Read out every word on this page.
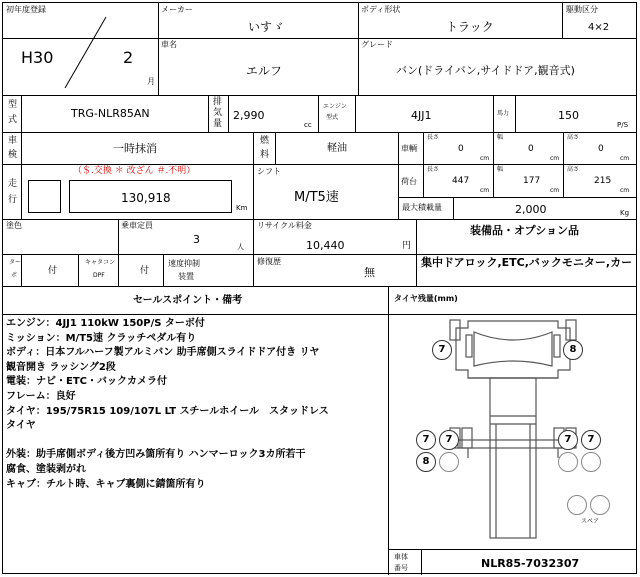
初年度登録
H30	2
月
メーカー
いすゞ
ボディ形状
トラック
駆動区分
4×2
車名
エルフ
グレード
バン(ドライバン,サイドドア,観音式)
型
式	TRG-NLR85AN
排
気
量
2,990
cc
エンジン
型式	4JJ1	馬力	150
P/S
車
検	一時抹消
燃
料
軽油	車輌
長さ
0
cm
幅
0
cm
高さ
0
cm
走
行
（＄.交換 ＊ 改ざん ＃.不明）
130,918
Km
シフト
M/T5速
荷台
長さ
447
cm
幅
177
cm
高さ
215
cm
最大積載量	2,000	Kg
塗色	乗車定員
3
人
リサイクル料金
10,440	円
装備品・オプション品
集中ドアロック,ETC,バックモニター,カー
ター
ボ	付
キャタコン
DPF	付
速度抑制
装置
修復歴
無
セールスポイント・備考
エンジン：4JJ1 110kW 150P/S ターボ付
ミッション：M/T5速 クラッチペダル有り
ボディ：日本フルハーフ製アルミバン 助手席側スライドドア付き リヤ
観音開き ラッシング2段
電装：ナビ・ETC・バックカメラ付
フレーム：良好
タイヤ：195/75R15 109/107L LT スチールホイール　スタッドレス
タイヤ
外装：助手席側ボディ後方凹み箇所有り ハンマーロック3カ所若干
腐食、塗装剥がれ
キャブ：チルト時、キャブ裏側に錆箇所有り
タイヤ残量(mm)
7	8
7	7
8
7	7
スペア
車体
番号	NLR85-7032307
